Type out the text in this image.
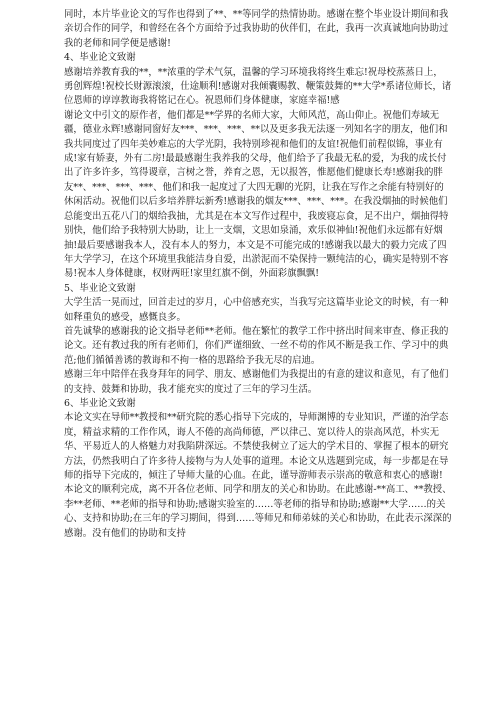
同时，本片毕业论文的写作也得到了**、**等同学的热情协助。感谢在整个毕业设计期间和我亲切合作的同学，和曾经在各个方面给予过我协助的伙伴们，在此，我再一次真诚地向协助过我的老师和同学便是感谢!

4、毕业论文致谢

感谢培养教育我的**，**浓重的学术气氛，温馨的学习环境我将终生难忘!祝母校蒸蒸日上，勇创辉煌!祝校长财源滚滚，仕途顺利!感谢对我倾囊赐教、鞭策鼓舞的**大学*系诸位师长，诸位恩师的谆谆教诲我将铭记在心。祝恩师们身体健康，家庭幸福!感

谢论文中引文的原作者，他们都是**学界的名师大家，大师风范，高山仰止。祝他们寿域无疆，德业永辉!感谢同窗好友***、***、***、**以及更多我无法逐一列知名字的朋友，他们和我共同度过了四年美妙难忘的大学光阴，我特别珍视和他们的友谊!祝他们前程似锦，事业有成!家有娇妻，外有二房!最最感谢生我养我的父母，他们给予了我最无私的爱，为我的成长付出了许多许多，笃得谡章，言树之誉，养育之恩，无以报答，惟愿他们健康长寿!感谢我的胖友**、***、***、***、他们和我一起度过了大四无聊的光阴，让我在写作之余能有特别好的休闲活动。祝他们以后多培养胖坛新秀!感谢我的烟友***、***、***。在我没烟抽的时候他们总能变出五花八门的烟给我抽，尤其是在本文写作过程中，我废寝忘食，足不出户，烟抽得特别快，他们给予我特别大协助，让上一支烟，文思如泉涌，欢乐似神仙!祝他们永远都有好烟抽!最后要感谢我本人，没有本人的努力，本文是不可能完成的!感谢我以最大的毅力完成了四年大学学习，在这个环境里我能洁身自爱，出淤泥而不染保持一颗纯洁的心，确实是特别不容易!祝本人身体健康，权财两旺!家里红旗不倒，外面彩旗飘飘!

5、毕业论文致谢

大学生活一晃而过，回首走过的岁月，心中倍感充实，当我写完这篇毕业论文的时候，有一种如释重负的感受，感慨良多。

首先诚挚的感谢我的论文指导老师**老师。他在繁忙的教学工作中挤出时间来审查、修正我的论文。还有教过我的所有老师们，你们严谨细致、一丝不苟的作风不断是我工作、学习中的典范;他们循循善诱的教诲和不拘一格的思路给予我无尽的启迪。

感谢三年中陪伴在我身拜年的同学、朋友、感谢他们为我提出的有意的建议和意见，有了他们的支持、鼓舞和协助，我才能充实的度过了三年的学习生活。

6、毕业论文致谢

本论文实在导师**教授和**研究院的悉心指导下完成的，导师渊博的专业知识，严谨的治学态度，精益求精的工作作风，诲人不倦的高尚师德，严以律己、宽以待人的崇高风范，朴实无华、平易近人的人格魅力对我陷阱深远。不禁使我树立了远大的学术目的、掌握了根本的研究方法，仍然我明白了许多待人接物与为人处事的道理。本论文从选题到完成，每一步都是在导师的指导下完成的，倾注了导师大量的心血。在此，谨导游师表示崇高的敬意和衷心的感谢!

本论文的顺利完成，离不开各位老师、同学和朋友的关心和协助。在此感谢-**高工、**教授、李**老师、**老师的指导和协助;感谢实验室的……等老师的指导和协助;感谢**大学……的关心、支持和协助;在三年的学习期间，得到……等师兄和师弟妹的关心和协助，在此表示深深的感谢。没有他们的协助和支持
